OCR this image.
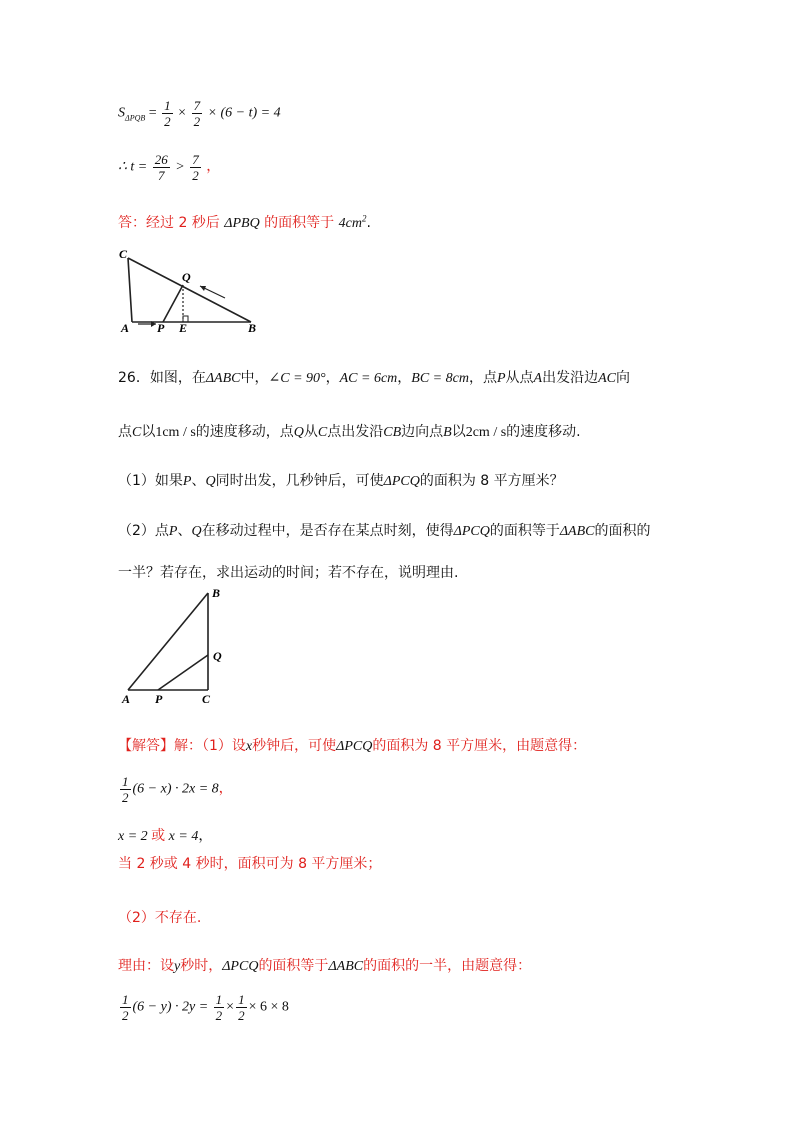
$S_{\Delta PQB} = \frac{1}{2} \times \frac{7}{2} \times (6 - t) = 4$
∴ $t = \frac{26}{7} > \frac{7}{2}$ ，
答：经过 2 秒后 ΔPBQ 的面积等于 $4cm^2$.
C
Q
A P E	B
26．如图，在ΔABC中，∠C = 90°，AC = 6cm，BC = 8cm，点P从点A出发沿边AC向
点C以1cm / s的速度移动，点Q从C点出发沿CB边向点B以2cm / s的速度移动.
（1）如果P、Q同时出发，几秒钟后，可使ΔPCQ的面积为 8 平方厘米？
（2）点P、Q在移动过程中，是否存在某点时刻，使得ΔPCQ的面积等于ΔABC的面积的
一半？若存在，求出运动的时间；若不存在，说明理由.
B
Q
A P	C
【解答】解：（1）设x秒钟后，可使ΔPCQ的面积为 8 平方厘米，由题意得：
$\frac{1}{2} (6 - x) \cdot 2x = 8$，
x = 2 或 x = 4，
当 2 秒或 4 秒时，面积可为 8 平方厘米；
（2）不存在.
理由：设y秒时，ΔPCQ的面积等于ΔABC的面积的一半，由题意得：
$\frac{1}{2} (6 - y) \cdot 2y = \frac{1}{2} \times \frac{1}{2} \times 6 \times 8$
